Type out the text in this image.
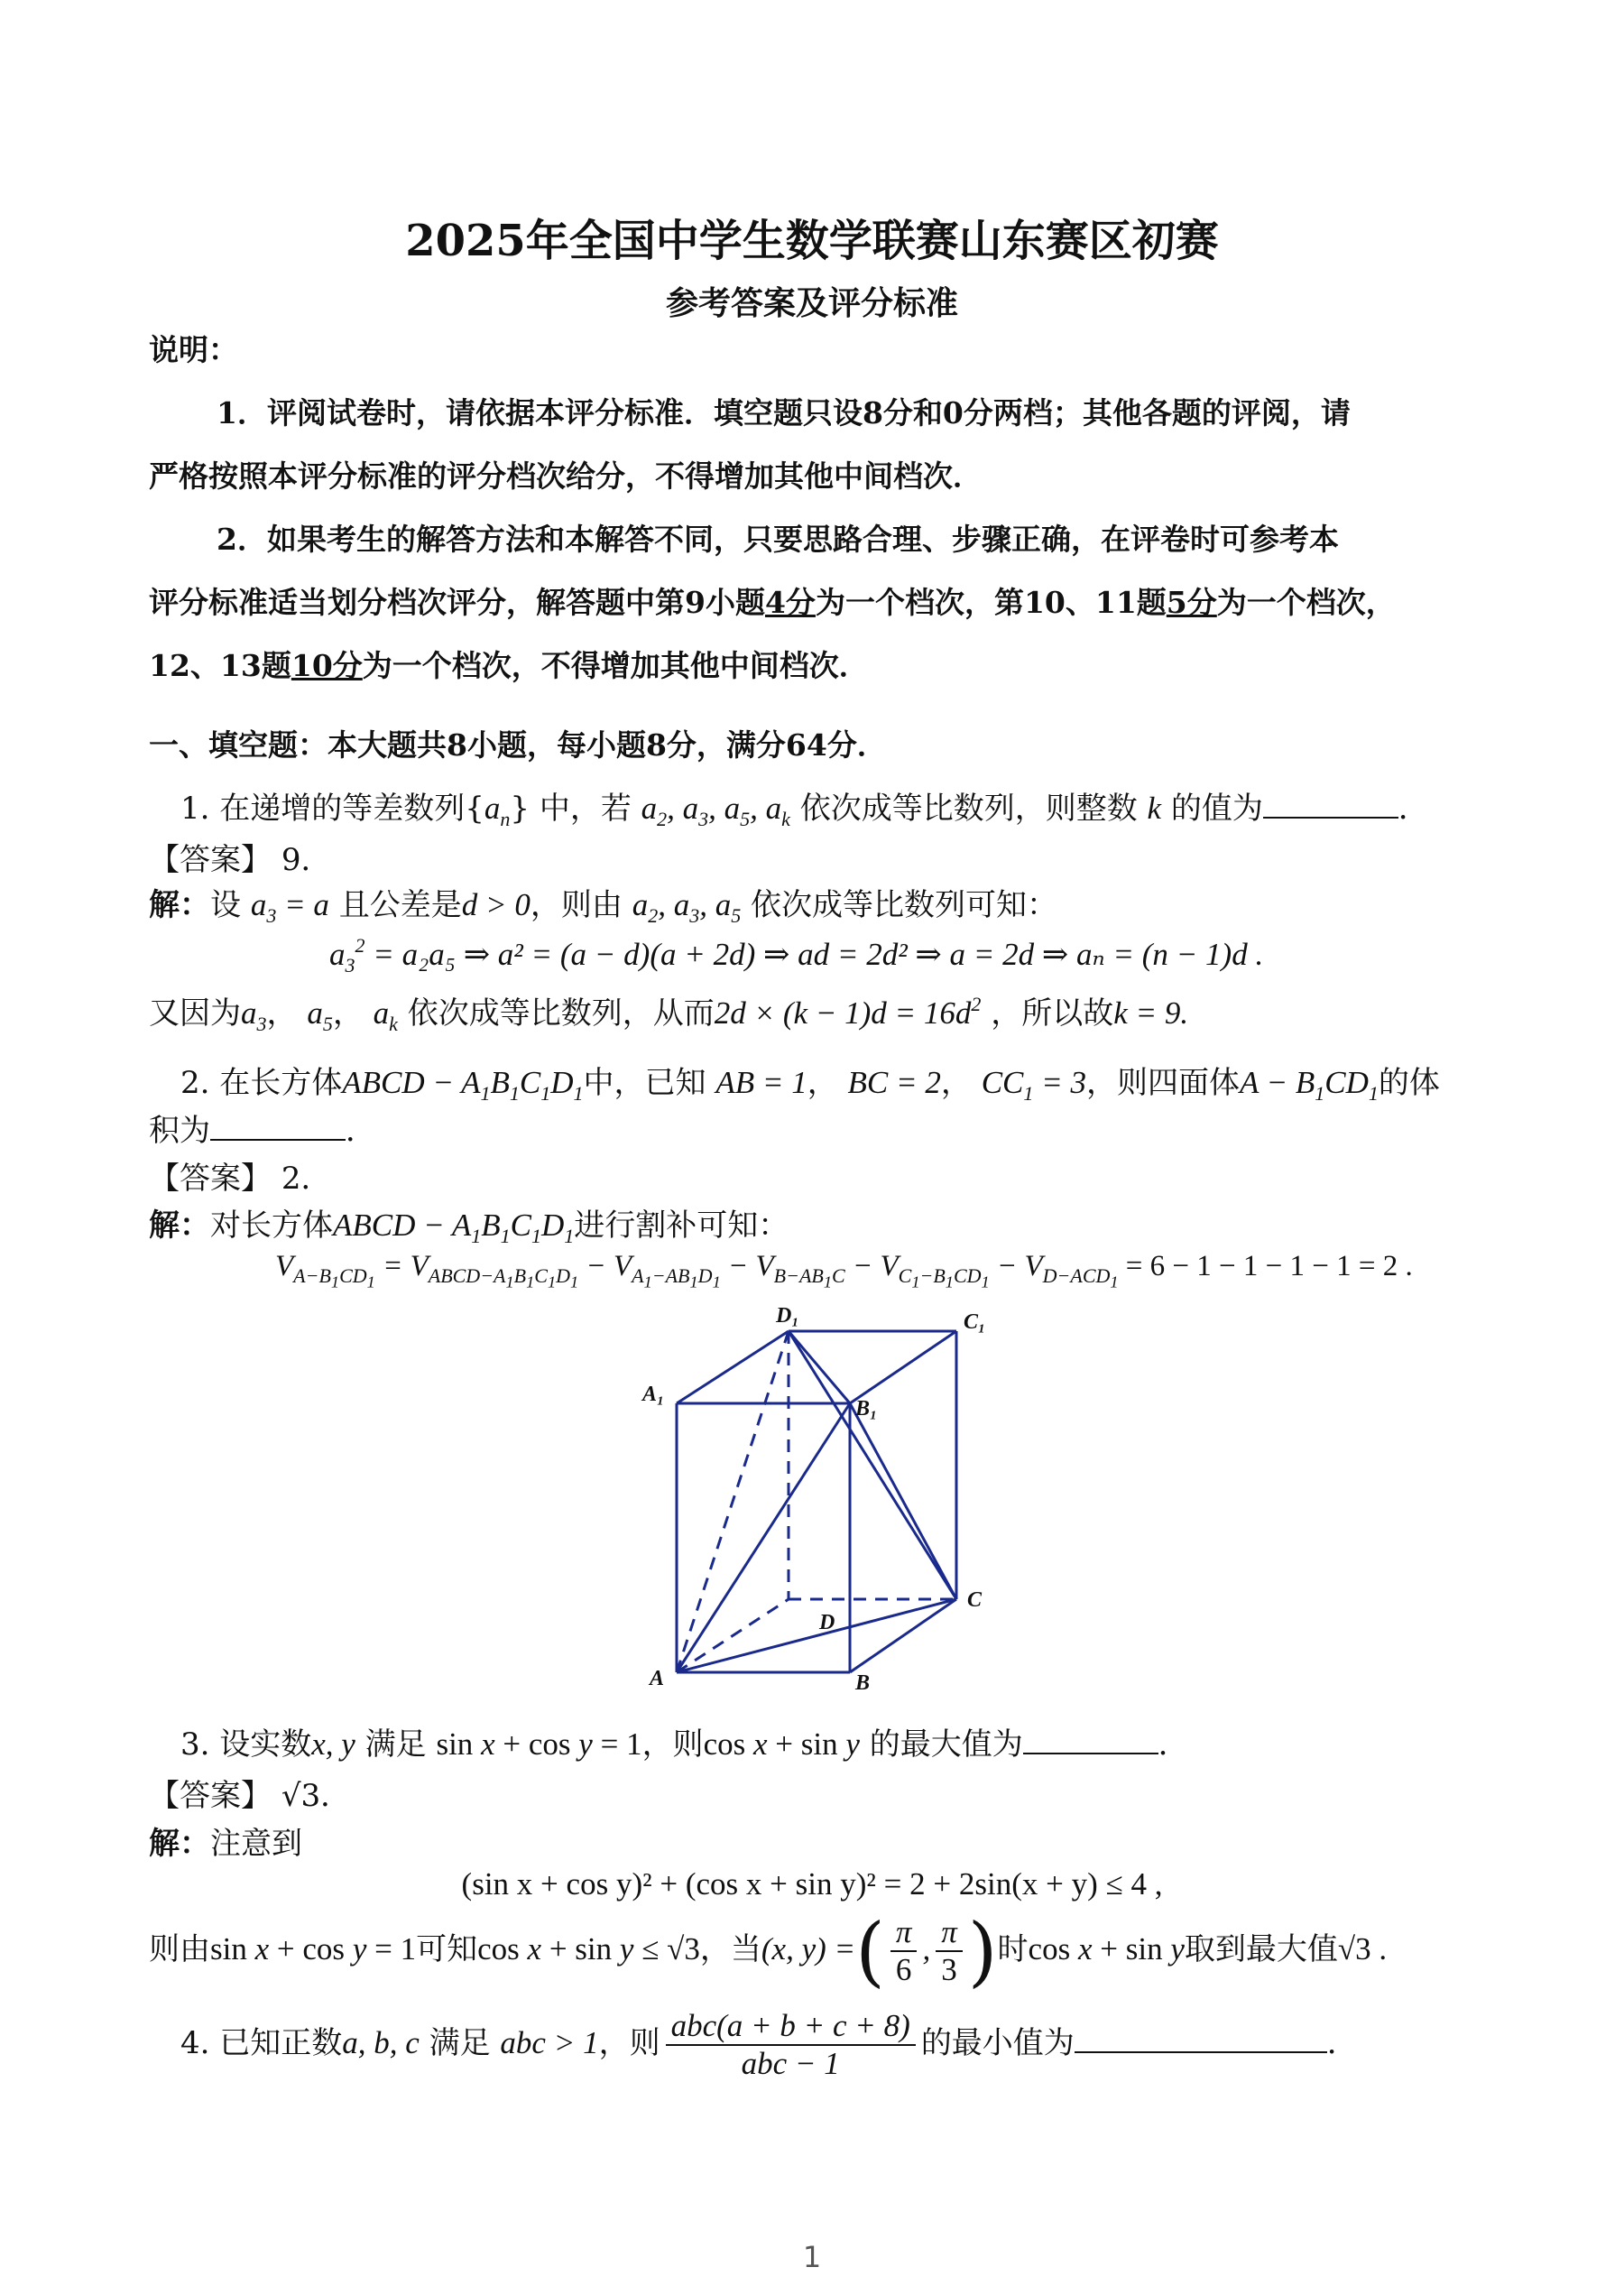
2025年全国中学生数学联赛山东赛区初赛
参考答案及评分标准
说明：
1．评阅试卷时，请依据本评分标准．填空题只设8分和0分两档；其他各题的评阅，请
严格按照本评分标准的评分档次给分，不得增加其他中间档次．
2．如果考生的解答方法和本解答不同，只要思路合理、步骤正确，在评卷时可参考本
评分标准适当划分档次评分，解答题中第9小题4分为一个档次，第10、11题5分为一个档次，
12、13题10分为一个档次，不得增加其他中间档次．
一、填空题：本大题共8小题，每小题8分，满分64分．
1. 在递增的等差数列$\{a_n\}$ 中，若 $a_2$, $a_3$, $a_5$, $a_k$ 依次成等比数列，则整数 k 的值为	．
【答案】 9．
解：设 $a_3 = a$ 且公差是d > 0，则由 $a_2$, $a_3$, $a_5$ 依次成等比数列可知：
$a_3^2 = a_2a_5$ ⇒ a² = (a − d)(a + 2d) ⇒ ad = 2d² ⇒ a = 2d ⇒ aₙ = (n − 1)d .
又因为$a_3$， $a_5$， $a_k$ 依次成等比数列，从而$2d \times (k - 1)d = 16d^2$ ，所以故k = 9.
2. 在长方体ABCD − $A_1B_1C_1D_1$中，已知 AB = 1， BC = 2， $CC_1 = 3$，则四面体$A - B_1CD_1$的体
积为	．
【答案】 2．
解：对长方体ABCD − $A_1B_1C_1D_1$进行割补可知：
$V_{A-B_1CD_1} = V_{ABCD-A_1B_1C_1D_1} - V_{A_1-AB_1D_1} - V_{B-AB_1C} - V_{C_1-B_1CD_1} - V_{D-ACD_1} = 6 - 1 - 1 - 1 - 1 = 2$ .
D₁	C₁
A₁
B₁
C
D
A	B
3. 设实数x, y 满足 sin x + cos y = 1，则cos x + sin y 的最大值为	．
【答案】 √3．
解：注意到
(sin x + cos y)² + (cos x + sin y)² = 2 + 2sin(x + y) ≤ 4 ,
则由sin x + cos y = 1可知cos x + sin y ≤ √3，当(x, y) =( $\frac{\pi}{6}$ , $\frac{\pi}{3}$ )时cos x + sin y取到最大值√3 .
4. 已知正数a, b, c 满足 abc > 1，则 $\frac{\text{abc(a + b + c + 8)}}{\text{abc − 1}}$ 的最小值为	．
1
